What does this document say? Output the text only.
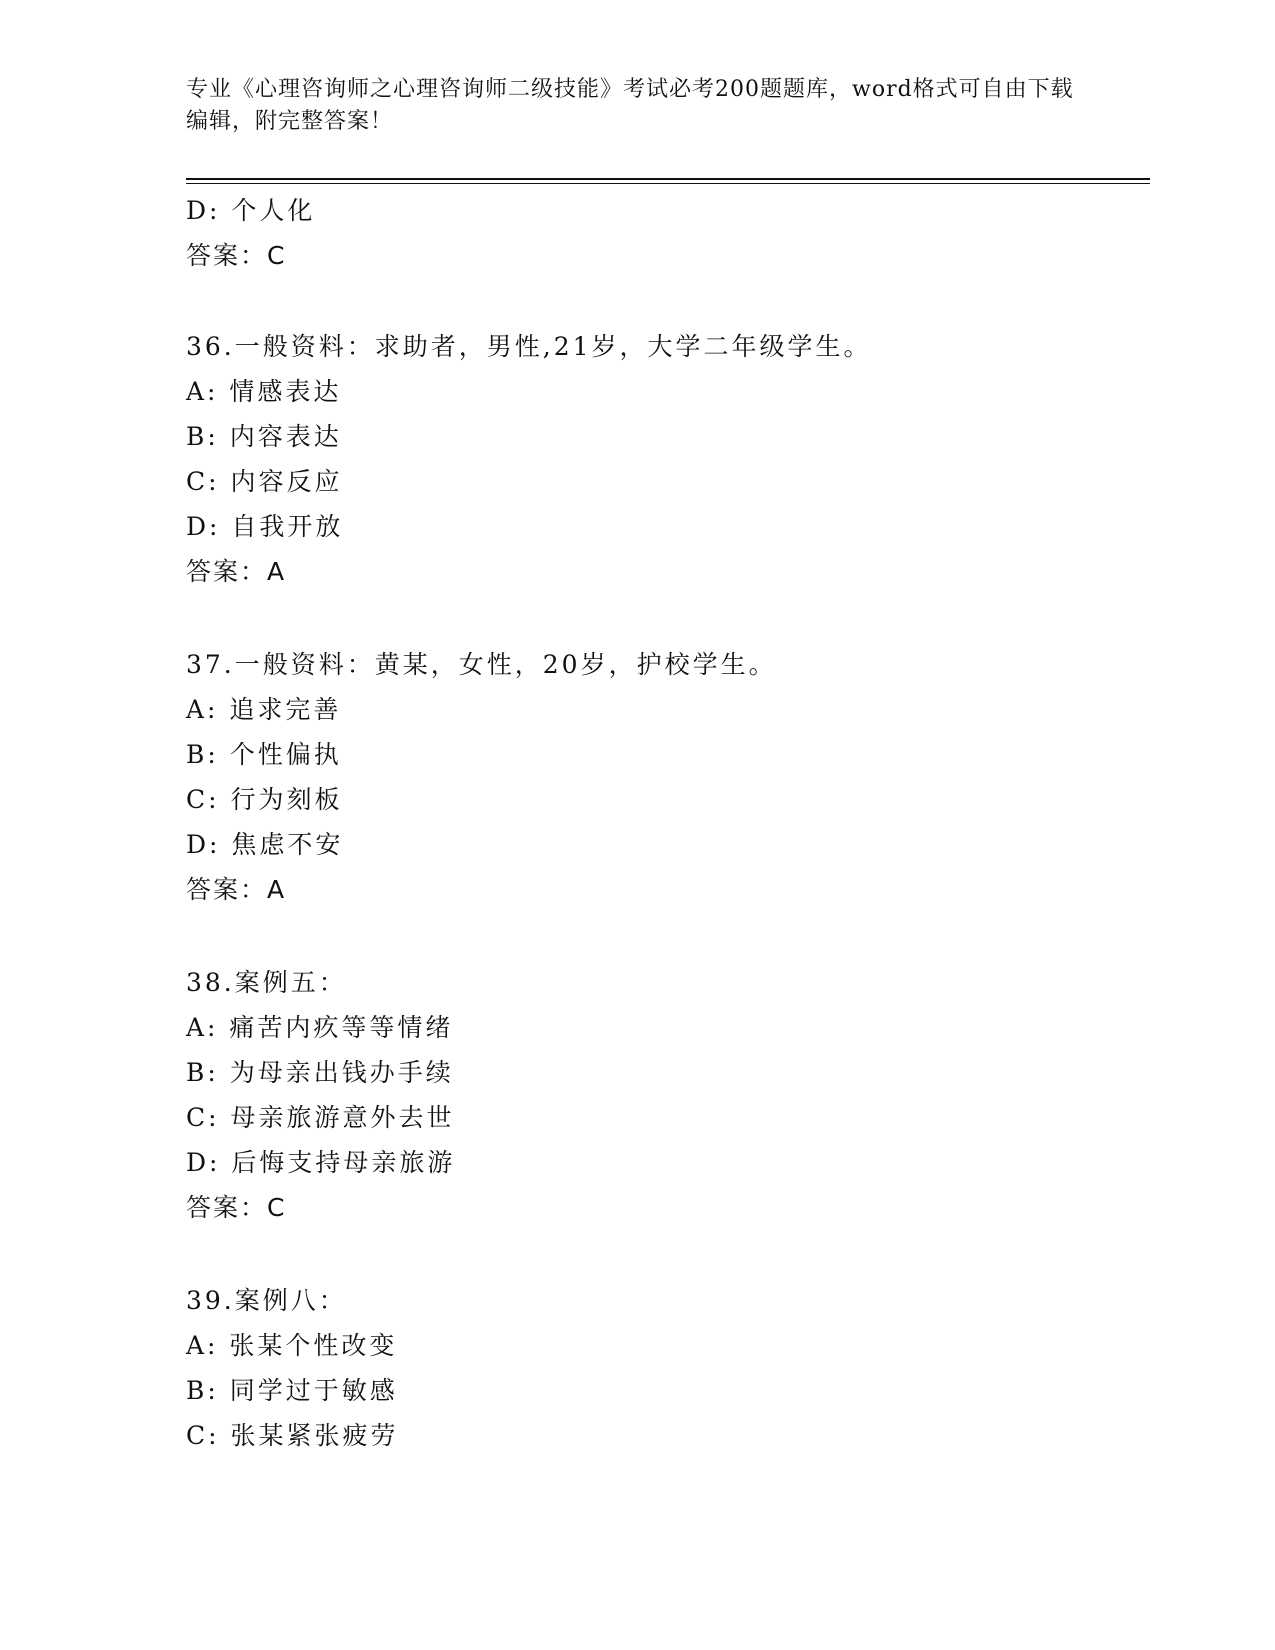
专业《心理咨询师之心理咨询师二级技能》考试必考200题题库，word格式可自由下载编辑，附完整答案！
D: 个人化
答案：C
36.一般资料：求助者，男性,21岁，大学二年级学生。
A: 情感表达
B: 内容表达
C: 内容反应
D: 自我开放
答案：A
37.一般资料：黄某，女性，20岁，护校学生。
A: 追求完善
B: 个性偏执
C: 行为刻板
D: 焦虑不安
答案：A
38.案例五：
A: 痛苦内疚等等情绪
B: 为母亲出钱办手续
C: 母亲旅游意外去世
D: 后悔支持母亲旅游
答案：C
39.案例八：
A: 张某个性改变
B: 同学过于敏感
C: 张某紧张疲劳
